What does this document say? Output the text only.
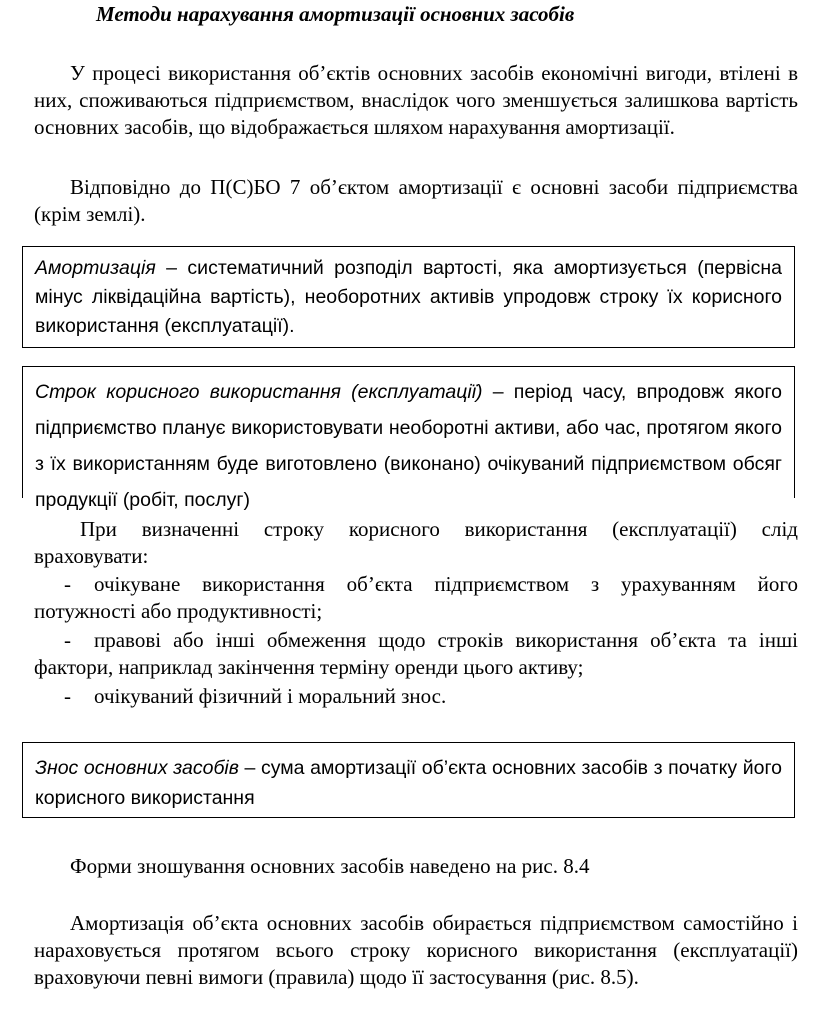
Методи нарахування амортизації основних засобів

У процесі використання об’єктів основних засобів економічні вигоди, втілені в них, споживаються підприємством, внаслідок чого зменшується залишкова вартість основних засобів, що відображається шляхом нарахування амортизації.

Відповідно до П(С)БО 7 об’єктом амортизації є основні засоби підприємства (крім землі).

Амортизація – систематичний розподіл вартості, яка амортизується (первісна мінус ліквідаційна вартість), необоротних активів упродовж строку їх корисного використання (експлуатації).

Строк корисного використання (експлуатації) – період часу, впродовж якого підприємство планує використовувати необоротні активи, або час, протягом якого з їх використанням буде виготовлено (виконано) очікуваний підприємством обсяг продукції (робіт, послуг)

При визначенні строку корисного використання (експлуатації) слід враховувати:

- очікуване використання об’єкта підприємством з урахуванням його потужності або продуктивності;

- правові або інші обмеження щодо строків використання об’єкта та інші фактори, наприклад закінчення терміну оренди цього активу;

- очікуваний фізичний і моральний знос.

Знос основних засобів – сума амортизації об’єкта основних засобів з початку його корисного використання

Форми зношування основних засобів наведено на рис. 8.4

Амортизація об’єкта основних засобів обирається підприємством самостійно і нараховується протягом всього строку корисного використання (експлуатації) враховуючи певні вимоги (правила) щодо її застосування (рис. 8.5).
